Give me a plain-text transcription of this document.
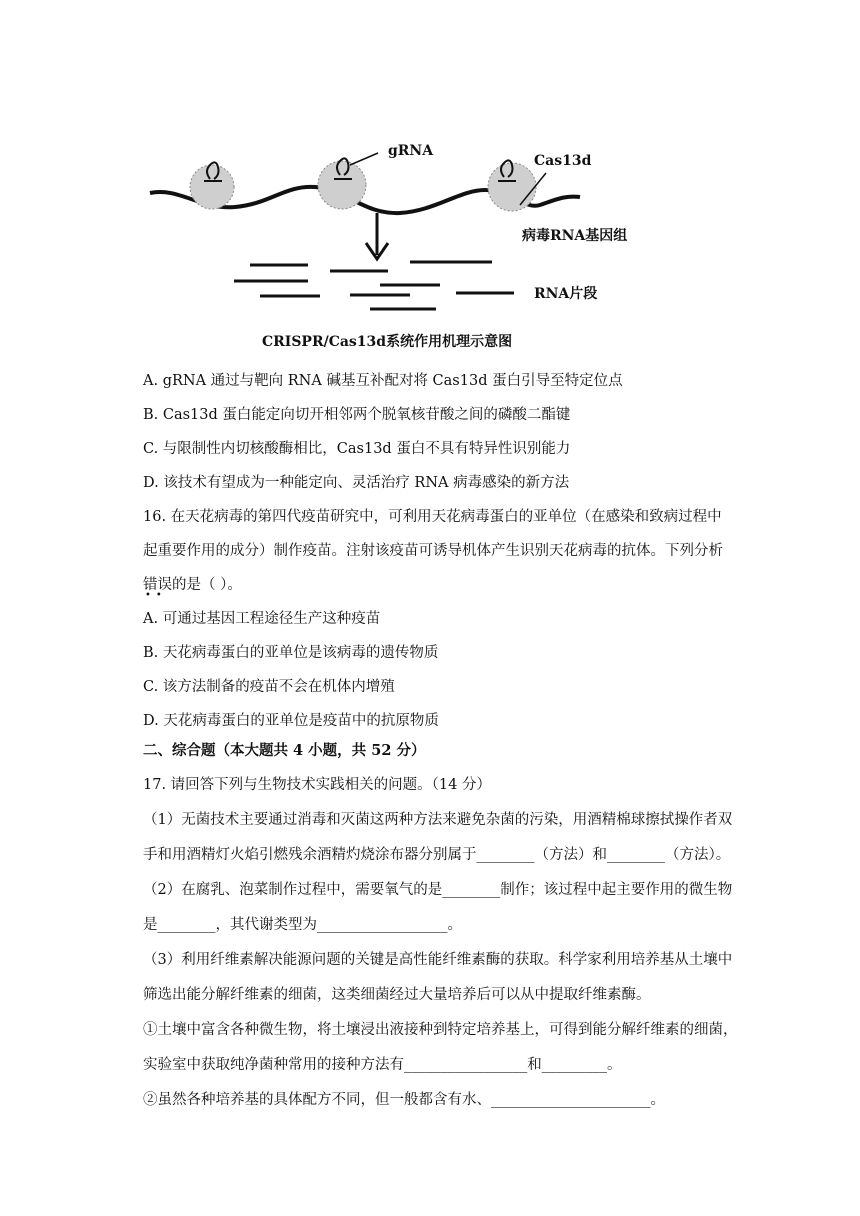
gRNA
Cas13d
病毒RNA基因组
RNA片段
CRISPR/Cas13d系统作用机理示意图
A. gRNA 通过与靶向 RNA 碱基互补配对将 Cas13d 蛋白引导至特定位点
B. Cas13d 蛋白能定向切开相邻两个脱氧核苷酸之间的磷酸二酯键
C. 与限制性内切核酸酶相比，Cas13d 蛋白不具有特异性识别能力
D. 该技术有望成为一种能定向、灵活治疗 RNA 病毒感染的新方法
16. 在天花病毒的第四代疫苗研究中，可利用天花病毒蛋白的亚单位（在感染和致病过程中
起重要作用的成分）制作疫苗。注射该疫苗可诱导机体产生识别天花病毒的抗体。下列分析
错误的是（ ）。
••
A. 可通过基因工程途径生产这种疫苗
B. 天花病毒蛋白的亚单位是该病毒的遗传物质
C. 该方法制备的疫苗不会在机体内增殖
D. 天花病毒蛋白的亚单位是疫苗中的抗原物质
二、综合题（本大题共 4 小题，共 52 分）
17. 请回答下列与生物技术实践相关的问题。（14 分）
（1）无菌技术主要通过消毒和灭菌这两种方法来避免杂菌的污染，用酒精棉球擦拭操作者双
手和用酒精灯火焰引燃残余酒精灼烧涂布器分别属于________（方法）和________（方法）。
（2）在腐乳、泡菜制作过程中，需要氧气的是________制作；该过程中起主要作用的微生物
是________，其代谢类型为__________________。
（3）利用纤维素解决能源问题的关键是高性能纤维素酶的获取。科学家利用培养基从土壤中
筛选出能分解纤维素的细菌，这类细菌经过大量培养后可以从中提取纤维素酶。
①土壤中富含各种微生物，将土壤浸出液接种到特定培养基上，可得到能分解纤维素的细菌，
实验室中获取纯净菌种常用的接种方法有_________________和_________。
②虽然各种培养基的具体配方不同，但一般都含有水、______________________。
